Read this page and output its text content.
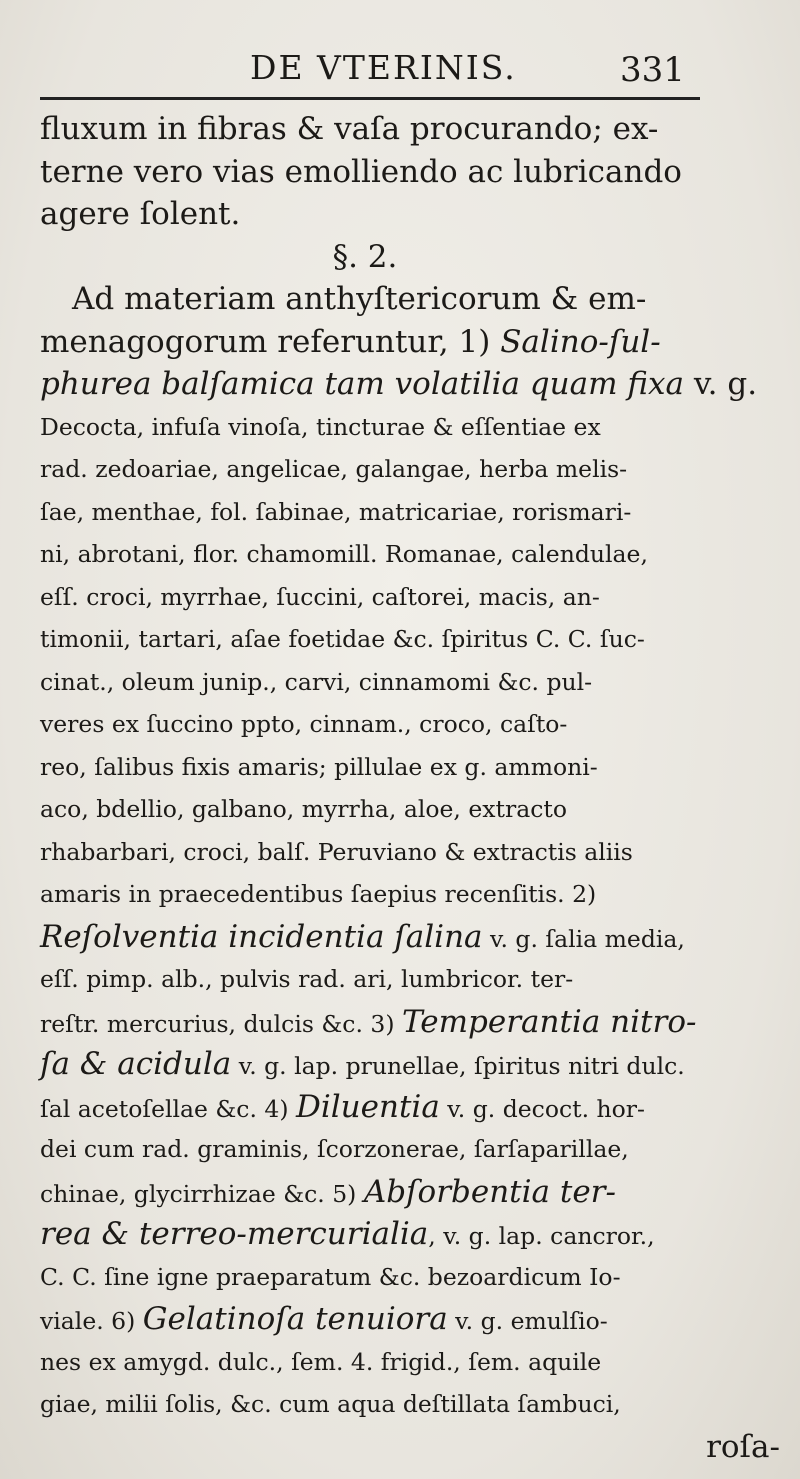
DE VTERINIS.	331
fluxum in fibras & vaſa procurando; ex-
terne vero vias emolliendo ac lubricando
agere ſolent.
§. 2.
Ad materiam anthyſtericorum & em-
menagogorum referuntur, 1) Salino-ſul-
phurea balſamica tam volatilia quam fixa v. g.
Decocta, infuſa vinoſa, tincturae & eſſentiae ex
rad. zedoariae, angelicae, galangae, herba melis-
ſae, menthae, fol. ſabinae, matricariae, rorismari-
ni, abrotani, flor. chamomill. Romanae, calendulae,
eſſ. croci, myrrhae, ſuccini, caſtorei, macis, an-
timonii, tartari, aſae foetidae &c. ſpiritus C. C. ſuc-
cinat., oleum junip., carvi, cinnamomi &c. pul-
veres ex ſuccino ppto, cinnam., croco, caſto-
reo, ſalibus fixis amaris; pillulae ex g. ammoni-
aco, bdellio, galbano, myrrha, aloe, extracto
rhabarbari, croci, balſ. Peruviano & extractis aliis
amaris in praecedentibus ſaepius recenſitis. 2)
Reſolventia incidentia ſalina v. g. ſalia media,
eſſ. pimp. alb., pulvis rad. ari, lumbricor. ter-
reſtr. mercurius, dulcis &c. 3) Temperantia nitro-
ſa & acidula v. g. lap. prunellae, ſpiritus nitri dulc.
ſal acetoſellae &c. 4) Diluentia v. g. decoct. hor-
dei cum rad. graminis, ſcorzonerae, ſarſaparillae,
chinae, glycirrhizae &c. 5) Abſorbentia ter-
rea & terreo-mercurialia, v. g. lap. cancror.,
C. C. ſine igne praeparatum &c. bezoardicum Io-
viale. 6) Gelatinoſa tenuiora v. g. emulſio-
nes ex amygd. dulc., ſem. 4. frigid., ſem. aquile
giae, milii ſolis, &c. cum aqua deſtillata ſambuci,
roſa-
